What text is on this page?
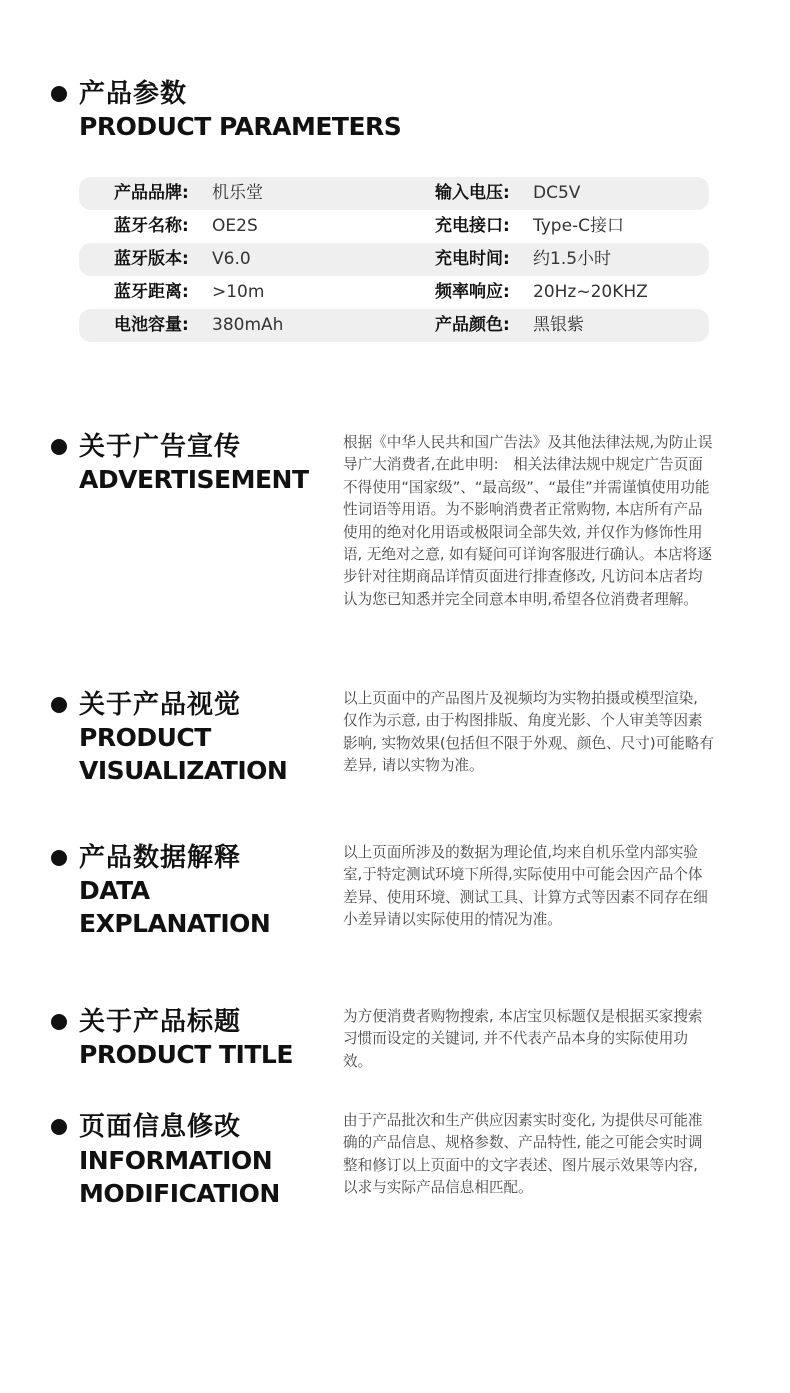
产品参数
PRODUCT PARAMETERS
产品品牌: 机乐堂	输入电压: DC5V
蓝牙名称: OE2S	充电接口: Type-C接口
蓝牙版本: V6.0	充电时间: 约1.5小时
蓝牙距离: >10m	频率响应: 20Hz~20KHZ
电池容量: 380mAh	产品颜色: 黑银紫
关于广告宣传
ADVERTISEMENT
根据《中华人民共和国广告法》及其他法律法规,为防止误导广大消费者,在此申明:　相关法律法规中规定广告页面不得使用“国家级”、“最高级”、“最佳”并需谨慎使用功能性词语等用语。为不影响消费者正常购物, 本店所有产品使用的绝对化用语或极限词全部失效, 并仅作为修饰性用语, 无绝对之意, 如有疑问可详询客服进行确认。本店将逐步针对往期商品详情页面进行排查修改, 凡访问本店者均认为您已知悉并完全同意本申明,希望各位消费者理解。
关于产品视觉
PRODUCT
VISUALIZATION
以上页面中的产品图片及视频均为实物拍摄或模型渲染, 仅作为示意, 由于构图排版、角度光影、个人审美等因素影响, 实物效果(包括但不限于外观、颜色、尺寸)可能略有差异, 请以实物为准。
产品数据解释
DATA
EXPLANATION
以上页面所涉及的数据为理论值,均来自机乐堂内部实验室,于特定测试环境下所得,实际使用中可能会因产品个体差异、使用环境、测试工具、计算方式等因素不同存在细小差异请以实际使用的情况为准。
关于产品标题
PRODUCT TITLE
为方便消费者购物搜索, 本店宝贝标题仅是根据买家搜索习惯而设定的关键词, 并不代表产品本身的实际使用功效。
页面信息修改
INFORMATION
MODIFICATION
由于产品批次和生产供应因素实时变化, 为提供尽可能准确的产品信息、规格参数、产品特性, 能之可能会实时调整和修订以上页面中的文字表述、图片展示效果等内容, 以求与实际产品信息相匹配。
